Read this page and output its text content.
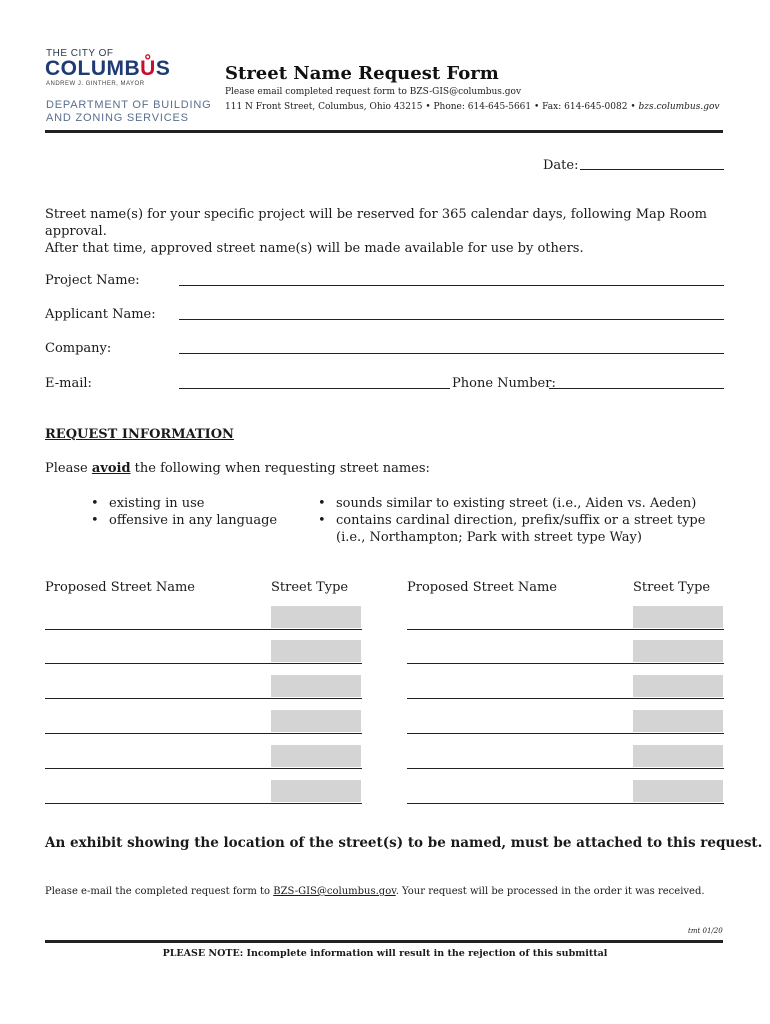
THE CITY OF
COLUMBŮS
ANDREW J. GINTHER, MAYOR
DEPARTMENT OF BUILDING
AND ZONING SERVICES
Street Name Request Form
Please email completed request form to BZS-GIS@columbus.gov
111 N Front Street, Columbus, Ohio 43215 • Phone: 614-645-5661 • Fax: 614-645-0082 • bzs.columbus.gov
Date:
Street name(s) for your specific project will be reserved for 365 calendar days, following Map Room approval.
After that time, approved street name(s) will be made available for use by others.
Project Name:
Applicant Name:
Company:
E-mail:	Phone Number:
REQUEST INFORMATION
Please avoid the following when requesting street names:
• existing in use
• offensive in any language
• sounds similar to existing street (i.e., Aiden vs. Aeden)
• contains cardinal direction, prefix/suffix or a street type
(i.e., Northampton; Park with street type Way)
Proposed Street Name	Street Type	Proposed Street Name	Street Type
An exhibit showing the location of the street(s) to be named, must be attached to this request.
Please e-mail the completed request form to BZS-GIS@columbus.gov. Your request will be processed in the order it was received.
tmt 01/20
PLEASE NOTE: Incomplete information will result in the rejection of this submittal
